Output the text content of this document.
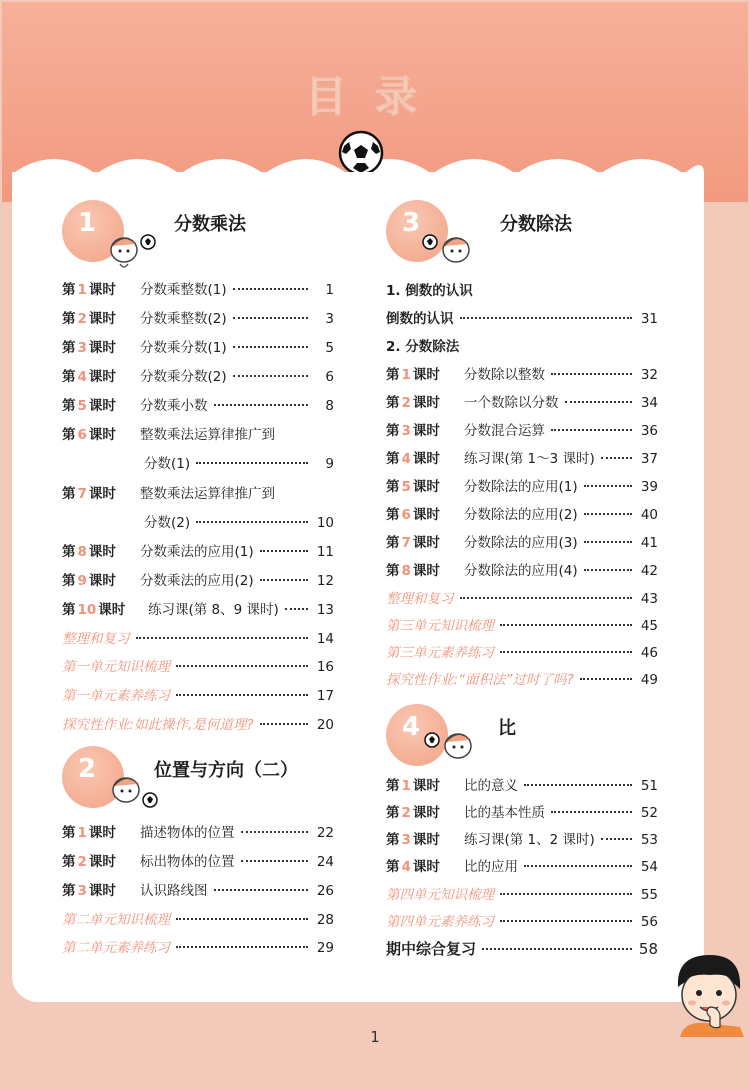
目录
1	分数乘法
2	位置与方向（二）
3	分数除法
4	比
第 1 课时	分数乘整数(1)	1
第 2 课时	分数乘整数(2)	3
第 3 课时	分数乘分数(1)	5
第 4 课时	分数乘分数(2)	6
第 5 课时	分数乘小数	8
第 6 课时	整数乘法运算律推广到
分数(1)	9
第 7 课时	整数乘法运算律推广到
分数(2)	10
第 8 课时	分数乘法的应用(1)	11
第 9 课时	分数乘法的应用(2)	12
第 10 课时	练习课(第 8、9 课时)	13
整理和复习	14
第一单元知识梳理	16
第一单元素养练习	17
探究性作业:如此操作,是何道理?	20
第 1 课时	描述物体的位置	22
第 2 课时	标出物体的位置	24
第 3 课时	认识路线图	26
第二单元知识梳理	28
第二单元素养练习	29
1. 倒数的认识
倒数的认识	31
2. 分数除法
第 1 课时	分数除以整数	32
第 2 课时	一个数除以分数	34
第 3 课时	分数混合运算	36
第 4 课时	练习课(第 1～3 课时)	37
第 5 课时	分数除法的应用(1)	39
第 6 课时	分数除法的应用(2)	40
第 7 课时	分数除法的应用(3)	41
第 8 课时	分数除法的应用(4)	42
整理和复习	43
第三单元知识梳理	45
第三单元素养练习	46
探究性作业:“面积法”过时了吗?	49
第 1 课时	比的意义	51
第 2 课时	比的基本性质	52
第 3 课时	练习课(第 1、2 课时)	53
第 4 课时	比的应用	54
第四单元知识梳理	55
第四单元素养练习	56
期中综合复习	58
1
